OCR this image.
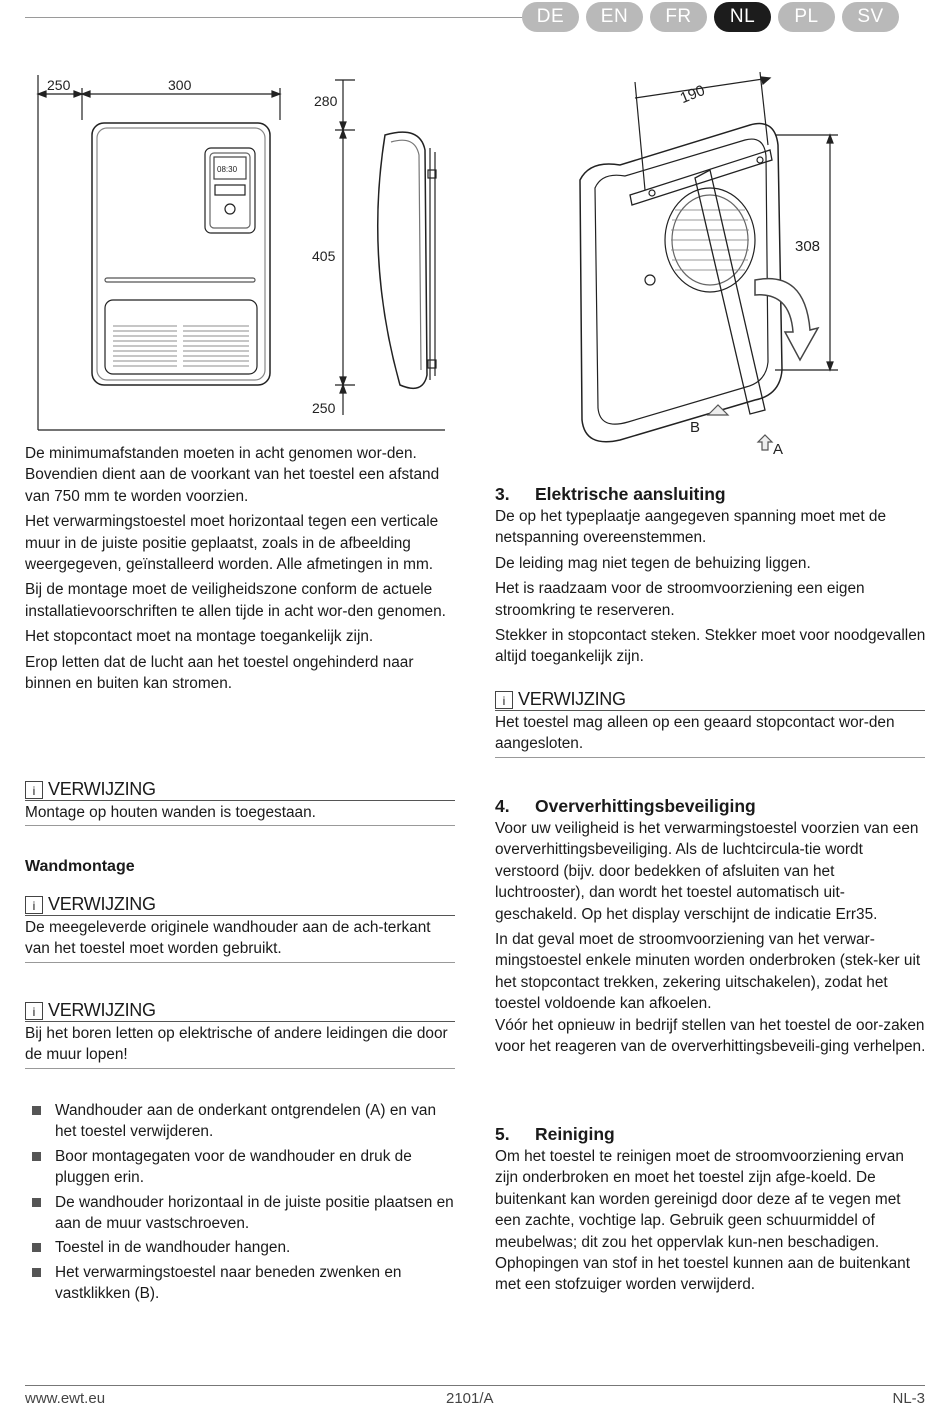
DE	EN	FR	NL	PL	SV
250	300
08:30
280
405
250
190
308
B
A

De minimumafstanden moeten in acht genomen wor-den.

Bovendien dient aan de voorkant van het toestel een afstand van 750 mm te worden voorzien.

Het verwarmingstoestel moet horizontaal tegen een verticale muur in de juiste positie geplaatst, zoals in de afbeelding weergegeven, geïnstalleerd worden. Alle afmetingen in mm.

Bij de montage moet de veiligheidszone conform de actuele installatievoorschriften te allen tijde in acht wor-den genomen.

Het stopcontact moet na montage toegankelijk zijn.

Erop letten dat de lucht aan het toestel ongehinderd naar binnen en buiten kan stromen.

i VERWIJZING
Montage op houten wanden is toegestaan.
Wandmontage
i VERWIJZING
De meegeleverde originele wandhouder aan de ach-terkant van het toestel moet worden gebruikt.
i VERWIJZING
Bij het boren letten op elektrische of andere leidingen die door de muur lopen!
Wandhouder aan de onderkant ontgrendelen (A) en van het toestel verwijderen.
Boor montagegaten voor de wandhouder en druk de pluggen erin.
De wandhouder horizontaal in de juiste positie plaatsen en aan de muur vastschroeven.
Toestel in de wandhouder hangen.
Het verwarmingstoestel naar beneden zwenken en vastklikken (B).
3. Elektrische aansluiting

De op het typeplaatje aangegeven spanning moet met de netspanning overeenstemmen.

De leiding mag niet tegen de behuizing liggen.

Het is raadzaam voor de stroomvoorziening een eigen stroomkring te reserveren.

Stekker in stopcontact steken. Stekker moet voor noodgevallen altijd toegankelijk zijn.

i VERWIJZING
Het toestel mag alleen op een geaard stopcontact wor-den aangesloten.
4. Oververhittingsbeveiliging

Voor uw veiligheid is het verwarmingstoestel voorzien van een oververhittingsbeveiliging. Als de luchtcircula-tie wordt verstoord (bijv. door bedekken of afsluiten van het luchtrooster), dan wordt het toestel automatisch uit-geschakeld. Op het display verschijnt de indicatie Err35.

In dat geval moet de stroomvoorziening van het verwar-mingstoestel enkele minuten worden onderbroken (stek-ker uit het stopcontact trekken, zekering uitschakelen), zodat het toestel voldoende kan afkoelen.

Vóór het opnieuw in bedrijf stellen van het toestel de oor-zaken voor het reageren van de oververhittingsbeveili-ging verhelpen.

5. Reiniging

Om het toestel te reinigen moet de stroomvoorziening ervan zijn onderbroken en moet het toestel zijn afge-koeld. De buitenkant kan worden gereinigd door deze af te vegen met een zachte, vochtige lap. Gebruik geen schuurmiddel of meubelwas; dit zou het oppervlak kun-nen beschadigen. Ophopingen van stof in het toestel kunnen aan de buitenkant met een stofzuiger worden verwijderd.

www.ewt.eu	2101/A	NL-3
